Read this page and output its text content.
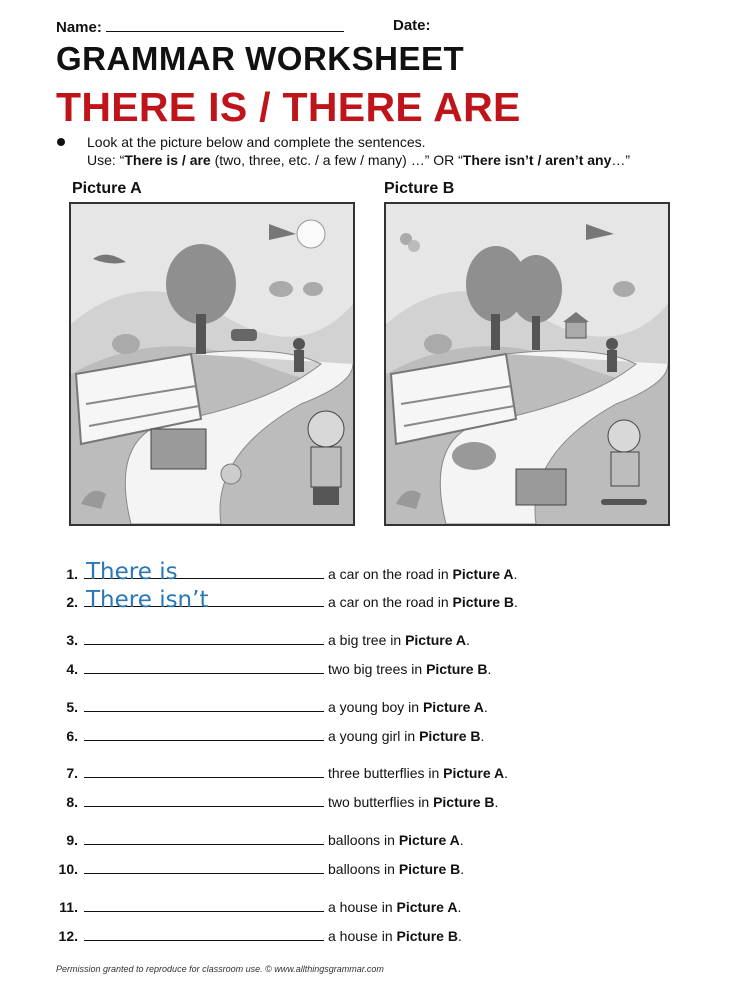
Name:	Date:
GRAMMAR WORKSHEET
THERE IS / THERE ARE
Look at the picture below and complete the sentences.
Use: “There is / are (two, three, etc. / a few / many) …” OR “There isn’t / aren’t any…”
Picture A	Picture B
1. There is	a car on the road in Picture A.
2. There isn’t	a car on the road in Picture B.
3.	a big tree in Picture A.
4.	two big trees in Picture B.
5.	a young boy in Picture A.
6.	a young girl in Picture B.
7.	three butterflies in Picture A.
8.	two butterflies in Picture B.
9.	balloons in Picture A.
10.	balloons in Picture B.
11.	a house in Picture A.
12.	a house in Picture B.
Permission granted to reproduce for classroom use. © www.allthingsgrammar.com
